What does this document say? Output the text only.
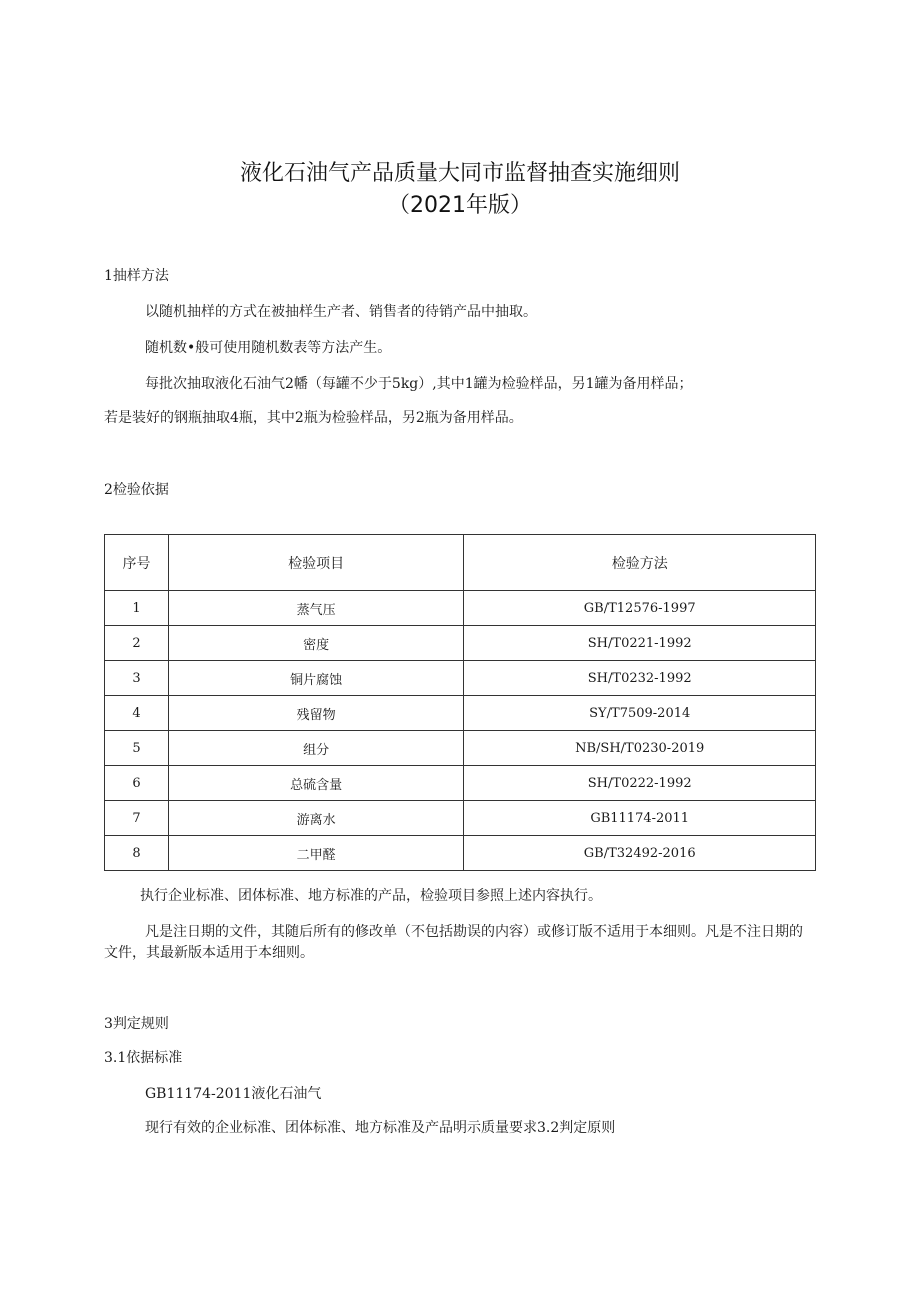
液化石油气产品质量大同市监督抽查实施细则
（2021年版）
1抽样方法
以随机抽样的方式在被抽样生产者、销售者的待销产品中抽取。
随机数•般可使用随机数表等方法产生。
每批次抽取液化石油气2幡（每罐不少于5kg）,其中1罐为检验样品，另1罐为备用样品；
若是装好的钢瓶抽取4瓶，其中2瓶为检验样品，另2瓶为备用样品。
2检验依据
序号	检验项目	检验方法
1	蒸气压	GB/T12576-1997
2	密度	SH/T0221-1992
3	铜片腐蚀	SH/T0232-1992
4	残留物	SY/T7509-2014
5	组分	NB/SH/T0230-2019
6	总硫含量	SH/T0222-1992
7	游离水	GB11174-2011
8	二甲醛	GB/T32492-2016
执行企业标准、团体标准、地方标准的产品，检验项目参照上述内容执行。
凡是注日期的文件，其随后所有的修改单（不包括勘误的内容）或修订版不适用于本细则。凡是不注日期的文件，其最新版本适用于本细则。
3判定规则
3.1依据标准
GB11174-2011液化石油气
现行有效的企业标准、团体标准、地方标准及产品明示质量要求3.2判定原则
